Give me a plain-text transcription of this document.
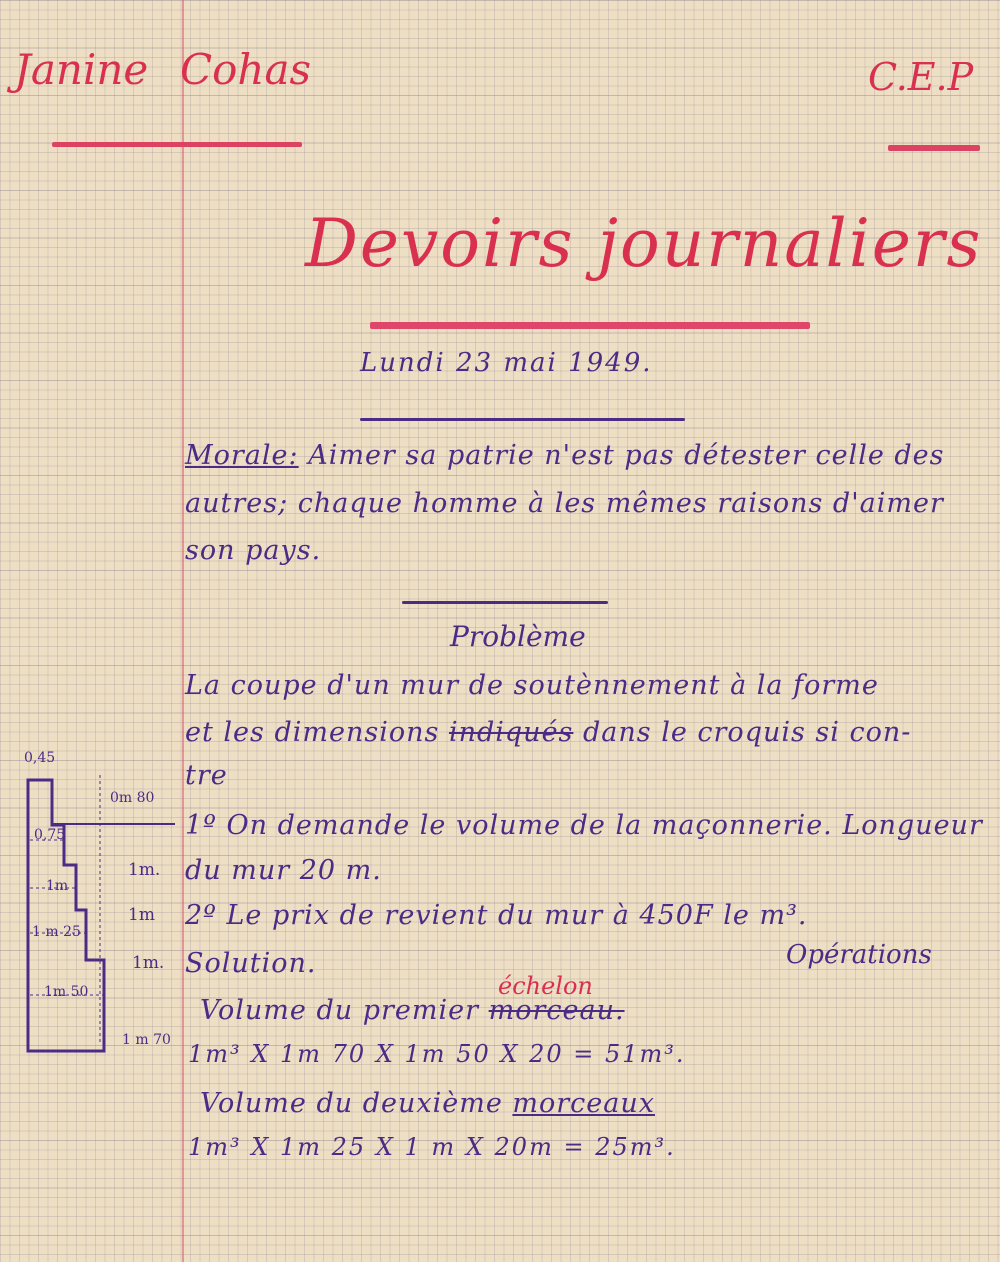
Janine Cohas	C.E.P
Devoirs journaliers
Lundi 23 mai 1949.
Morale: Aimer sa patrie n'est pas détester celle des
autres; chaque homme à les mêmes raisons d'aimer
son pays.
Problème
La coupe d'un mur de soutènnement à la forme
et les dimensions indiqués dans le croquis si con-
tre
1º On demande le volume de la maçonnerie. Longueur
du mur 20 m.
2º Le prix de revient du mur à 450F le m³.
Solution.	Opérations
échelon
Volume du premier morceau.
1m³ X 1m 70 X 1m 50 X 20 = 51m³.
Volume du deuxième morceaux
1m³ X 1m 25 X 1 m X 20m = 25m³.
0,45
0m 80
0,75
1m
1 m 25
1m 50
1m.
1m
1m.
1 m 70
